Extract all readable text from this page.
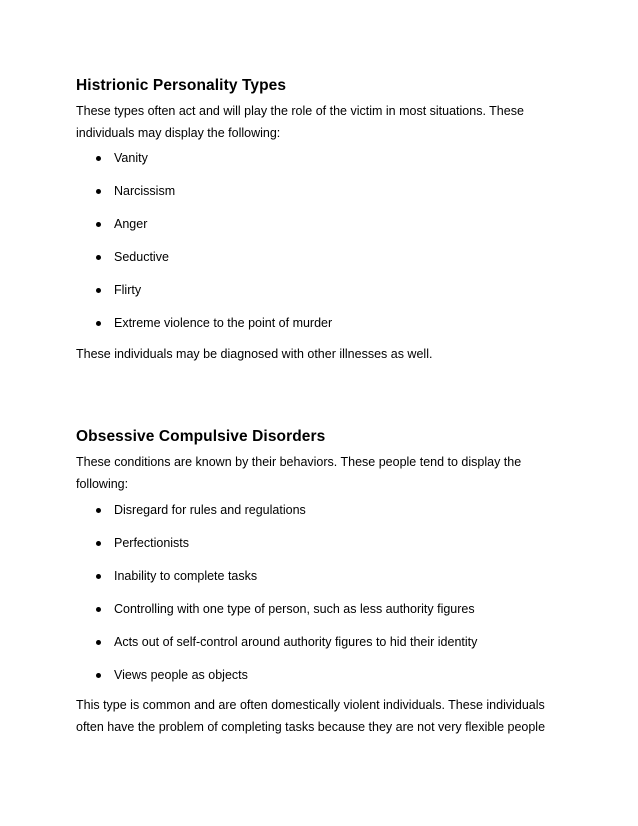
Histrionic Personality Types

These types often act and will play the role of the victim in most situations. These individuals may display the following:

Vanity
Narcissism
Anger
Seductive
Flirty
Extreme violence to the point of murder

These individuals may be diagnosed with other illnesses as well.

Obsessive Compulsive Disorders

These conditions are known by their behaviors. These people tend to display the following:

Disregard for rules and regulations
Perfectionists
Inability to complete tasks
Controlling with one type of person, such as less authority figures
Acts out of self-control around authority figures to hid their identity
Views people as objects

This type is common and are often domestically violent individuals. These individuals often have the problem of completing tasks because they are not very flexible people
